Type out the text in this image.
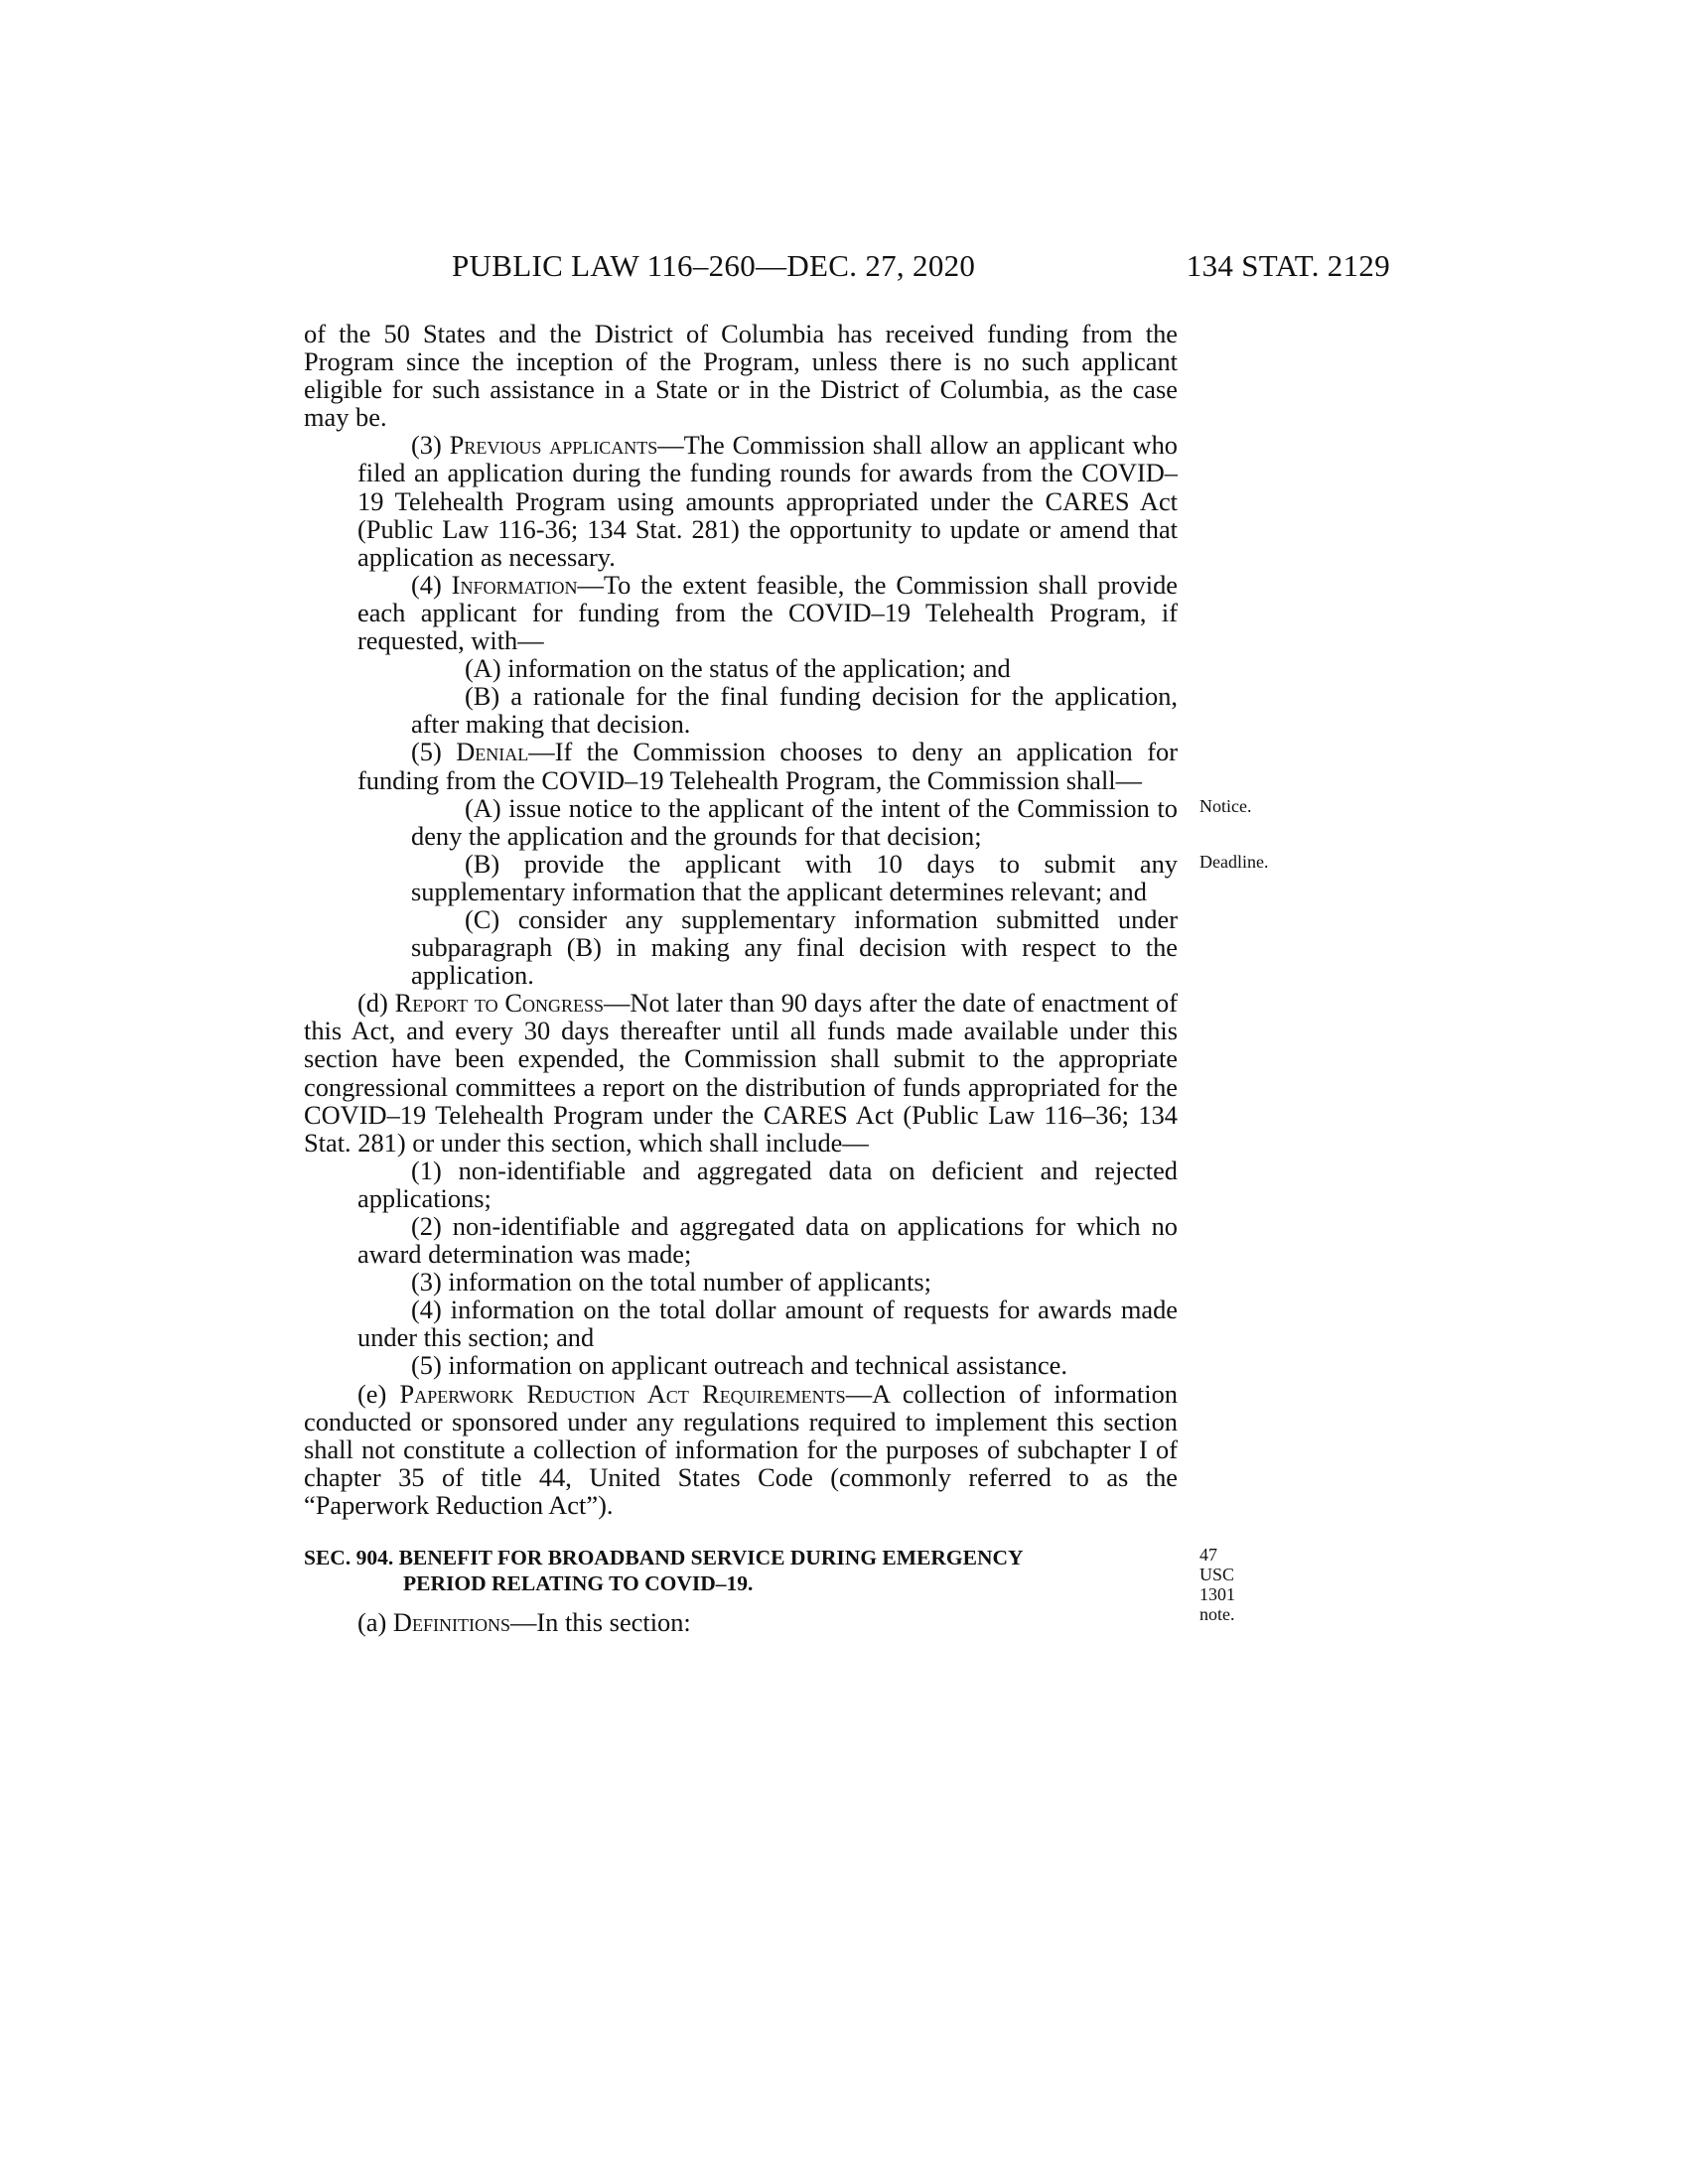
PUBLIC LAW 116–260—DEC. 27, 2020	134 STAT. 2129

of the 50 States and the District of Columbia has received funding from the Program since the inception of the Program, unless there is no such applicant eligible for such assistance in a State or in the District of Columbia, as the case may be.

(3) Previous applicants—The Commission shall allow an applicant who filed an application during the funding rounds for awards from the COVID–19 Telehealth Program using amounts appropriated under the CARES Act (Public Law 116-36; 134 Stat. 281) the opportunity to update or amend that application as necessary.

(4) Information—To the extent feasible, the Commission shall provide each applicant for funding from the COVID–19 Telehealth Program, if requested, with—

(A) information on the status of the application; and

(B) a rationale for the final funding decision for the application, after making that decision.

(5) Denial—If the Commission chooses to deny an application for funding from the COVID–19 Telehealth Program, the Commission shall—

(A) issue notice to the applicant of the intent of the Commission to deny the application and the grounds for that decision;
Notice.

(B) provide the applicant with 10 days to submit any supplementary information that the applicant determines relevant; and
Deadline.

(C) consider any supplementary information submitted under subparagraph (B) in making any final decision with respect to the application.

(d) Report to Congress—Not later than 90 days after the date of enactment of this Act, and every 30 days thereafter until all funds made available under this section have been expended, the Commission shall submit to the appropriate congressional committees a report on the distribution of funds appropriated for the COVID–19 Telehealth Program under the CARES Act (Public Law 116–36; 134 Stat. 281) or under this section, which shall include—

(1) non-identifiable and aggregated data on deficient and rejected applications;

(2) non-identifiable and aggregated data on applications for which no award determination was made;

(3) information on the total number of applicants;

(4) information on the total dollar amount of requests for awards made under this section; and

(5) information on applicant outreach and technical assistance.

(e) Paperwork Reduction Act Requirements—A collection of information conducted or sponsored under any regulations required to implement this section shall not constitute a collection of information for the purposes of subchapter I of chapter 35 of title 44, United States Code (commonly referred to as the “Paperwork Reduction Act”).

SEC. 904. BENEFIT FOR BROADBAND SERVICE DURING EMERGENCY
PERIOD RELATING TO COVID–19.
47 USC 1301
note.

(a) Definitions—In this section:
